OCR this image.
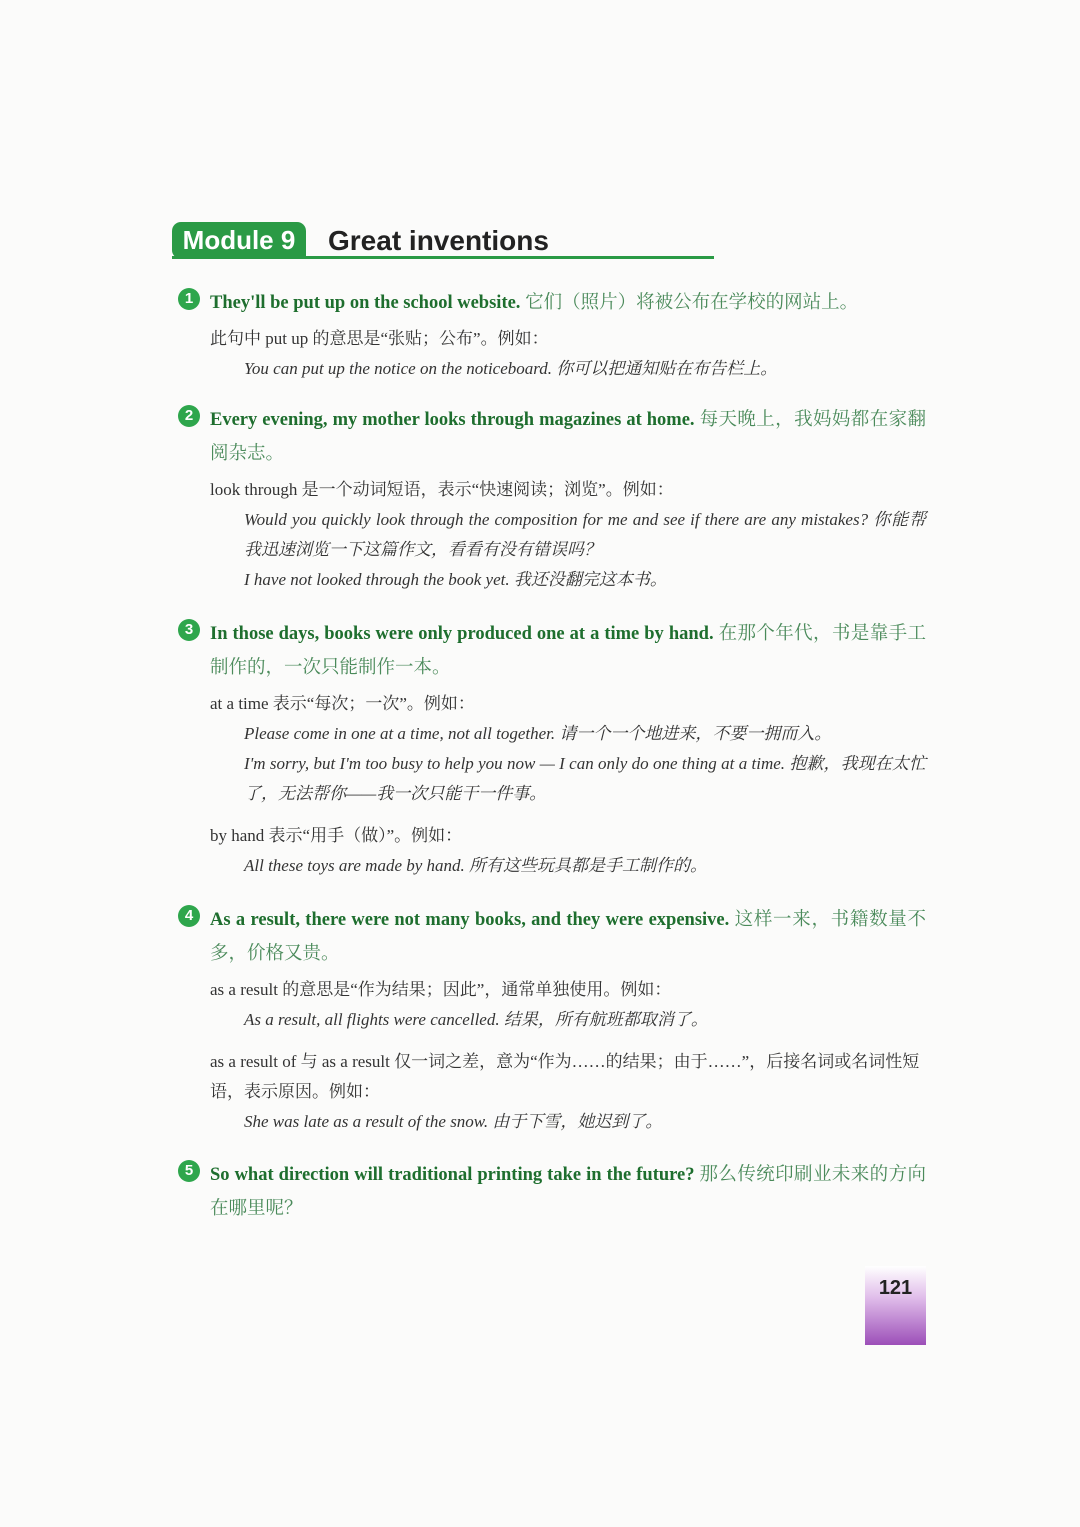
Module 9	Great inventions
1 They'll be put up on the school website. 它们（照片）将被公布在学校的网站上。
此句中 put up 的意思是“张贴；公布”。例如：
You can put up the notice on the noticeboard. 你可以把通知贴在布告栏上。
2 Every evening, my mother looks through magazines at home. 每天晚上，我妈妈都在家翻阅杂志。
look through 是一个动词短语，表示“快速阅读；浏览”。例如：
Would you quickly look through the composition for me and see if there are any mistakes? 你能帮我迅速浏览一下这篇作文，看看有没有错误吗？
I have not looked through the book yet. 我还没翻完这本书。
3 In those days, books were only produced one at a time by hand. 在那个年代，书是靠手工制作的，一次只能制作一本。
at a time 表示“每次；一次”。例如：
Please come in one at a time, not all together. 请一个一个地进来，不要一拥而入。
I'm sorry, but I'm too busy to help you now — I can only do one thing at a time. 抱歉，我现在太忙了，无法帮你——我一次只能干一件事。
by hand 表示“用手（做）”。例如：
All these toys are made by hand. 所有这些玩具都是手工制作的。
4 As a result, there were not many books, and they were expensive. 这样一来，书籍数量不多，价格又贵。
as a result 的意思是“作为结果；因此”，通常单独使用。例如：
As a result, all flights were cancelled. 结果，所有航班都取消了。
as a result of 与 as a result 仅一词之差，意为“作为……的结果；由于……”，后接名词或名词性短语，表示原因。例如：
She was late as a result of the snow. 由于下雪，她迟到了。
5 So what direction will traditional printing take in the future? 那么传统印刷业未来的方向在哪里呢？
121
